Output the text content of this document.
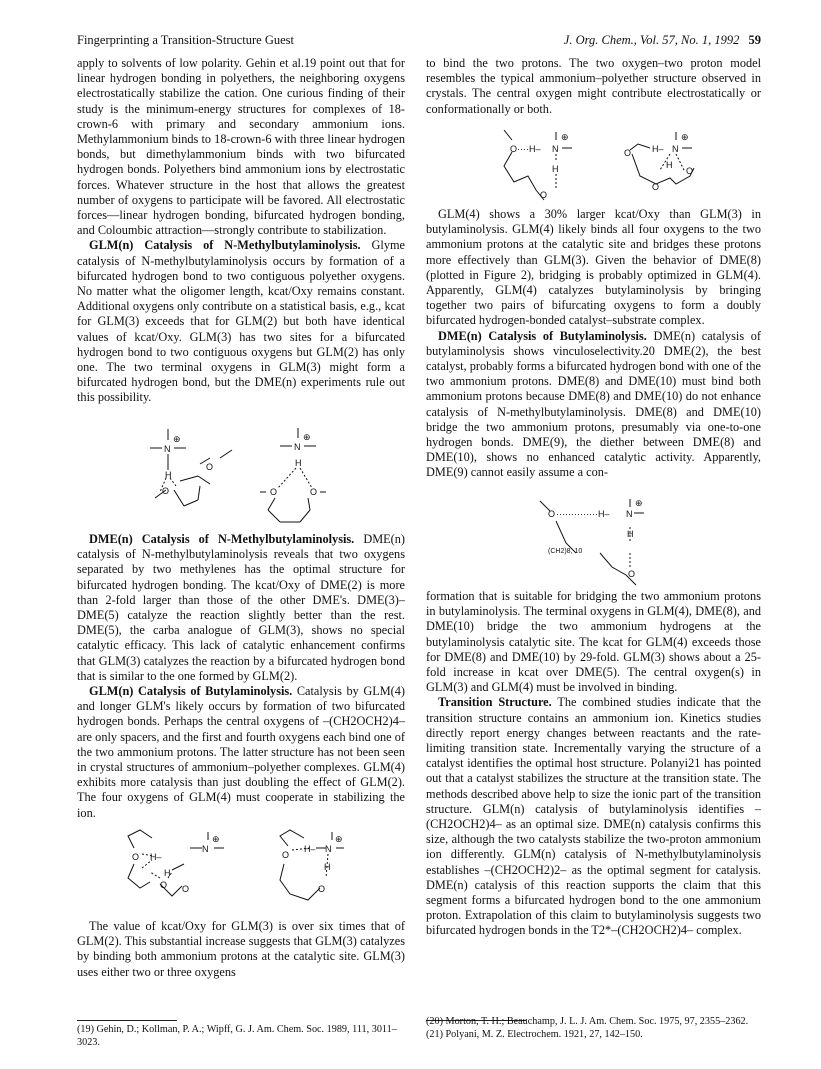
Fingerprinting a Transition-Structure Guest	J. Org. Chem., Vol. 57, No. 1, 1992 59

apply to solvents of low polarity. Gehin et al.19 point out that for linear hydrogen bonding in polyethers, the neighboring oxygens electrostatically stabilize the cation. One curious finding of their study is the minimum-energy structures for complexes of 18-crown-6 with primary and secondary ammonium ions. Methylammonium binds to 18-crown-6 with three linear hydrogen bonds, but dimethylammonium binds with two bifurcated hydrogen bonds. Polyethers bind ammonium ions by electrostatic forces. Whatever structure in the host that allows the greatest number of oxygens to participate will be favored. All electrostatic forces—linear hydrogen bonding, bifurcated hydrogen bonding, and Coloumbic attraction—strongly contribute to stabilization.

GLM(n) Catalysis of N-Methylbutylaminolysis. Glyme catalysis of N-methylbutylaminolysis occurs by formation of a bifurcated hydrogen bond to two contiguous polyether oxygens. No matter what the oligomer length, kcat/Oxy remains constant. Additional oxygens only contribute on a statistical basis, e.g., kcat for GLM(3) exceeds that for GLM(2) but both have identical values of kcat/Oxy. GLM(3) has two sites for a bifurcated hydrogen bond to two contiguous oxygens but GLM(2) has only one. The two terminal oxygens in GLM(3) might form a bifurcated hydrogen bond, but the DME(n) experiments rule out this possibility.

N
⊕
H
O
O
N
⊕
H
O	O

DME(n) Catalysis of N-Methylbutylaminolysis. DME(n) catalysis of N-methylbutylaminolysis reveals that two oxygens separated by two methylenes has the optimal structure for bifurcated hydrogen bonding. The kcat/Oxy of DME(2) is more than 2-fold larger than those of the other DME's. DME(3)–DME(5) catalyze the reaction slightly better than the rest. DME(5), the carba analogue of GLM(3), shows no special catalytic efficacy. This lack of catalytic enhancement confirms that GLM(3) catalyzes the reaction by a bifurcated hydrogen bond that is similar to the one formed by GLM(2).

GLM(n) Catalysis of Butylaminolysis. Catalysis by GLM(4) and longer GLM's likely occurs by formation of two bifurcated hydrogen bonds. Perhaps the central oxygens of –(CH2OCH2)4– are only spacers, and the first and fourth oxygens each bind one of the two ammonium protons. The latter structure has not been seen in crystal structures of ammonium–polyether complexes. GLM(4) exhibits more catalysis than just doubling the effect of GLM(2). The four oxygens of GLM(4) must cooperate in stabilizing the ion.

O H–
N
⊕
O
H
O
O
H– N
⊕
H
O

The value of kcat/Oxy for GLM(3) is over six times that of GLM(2). This substantial increase suggests that GLM(3) catalyzes by binding both ammonium protons at the catalytic site. GLM(3) uses either two or three oxygens

to bind the two protons. The two oxygen–two proton model resembles the typical ammonium–polyether structure observed in crystals. The central oxygen might contribute electrostatically or conformationally or both.

O····H– N
⊕
H
O
H– N
⊕
O
H
O
O

GLM(4) shows a 30% larger kcat/Oxy than GLM(3) in butylaminolysis. GLM(4) likely binds all four oxygens to the two ammonium protons at the catalytic site and bridges these protons more effectively than GLM(3). Given the behavior of DME(8) (plotted in Figure 2), bridging is probably optimized in GLM(4). Apparently, GLM(4) catalyzes butylaminolysis by bringing together two pairs of bifurcating oxygens to form a doubly bifurcated hydrogen-bonded catalyst–substrate complex.

DME(n) Catalysis of Butylaminolysis. DME(n) catalysis of butylaminolysis shows vinculoselectivity.20 DME(2), the best catalyst, probably forms a bifurcated hydrogen bond with one of the two ammonium protons. DME(8) and DME(10) must bind both ammonium protons because DME(8) and DME(10) do not enhance catalysis of N-methylbutylaminolysis. DME(8) and DME(10) bridge the two ammonium protons, presumably via one-to-one hydrogen bonds. DME(9), the diether between DME(8) and DME(10), shows no enhanced catalytic activity. Apparently, DME(9) cannot easily assume a con-

O ··············H– N
⊕
H
(CH2)8, 10
O

formation that is suitable for bridging the two ammonium protons in butylaminolysis. The terminal oxygens in GLM(4), DME(8), and DME(10) bridge the two ammonium hydrogens at the butylaminolysis catalytic site. The kcat for GLM(4) exceeds those for DME(8) and DME(10) by 29-fold. GLM(3) shows about a 25-fold increase in kcat over DME(5). The central oxygen(s) in GLM(3) and GLM(4) must be involved in binding.

Transition Structure. The combined studies indicate that the transition structure contains an ammonium ion. Kinetics studies directly report energy changes between reactants and the rate-limiting transition state. Incrementally varying the structure of a catalyst identifies the optimal host structure. Polanyi21 has pointed out that a catalyst stabilizes the structure at the transition state. The methods described above help to size the ionic part of the transition structure. GLM(n) catalysis of butylaminolysis identifies –(CH2OCH2)4– as an optimal size. DME(n) catalysis confirms this size, although the two catalysts stabilize the two-proton ammonium ion differently. GLM(n) catalysis of N-methylbutylaminolysis establishes –(CH2OCH2)2– as the optimal segment for catalysis. DME(n) catalysis of this reaction supports the claim that this segment forms a bifurcated hydrogen bond to the one ammonium proton. Extrapolation of this claim to butylaminolysis suggests two bifurcated hydrogen bonds in the T2*–(CH2OCH2)4– complex.

(19) Gehin, D.; Kollman, P. A.; Wipff, G. J. Am. Chem. Soc. 1989, 111, 3011–3023.

(20) Morton, T. H.; Beauchamp, J. L. J. Am. Chem. Soc. 1975, 97, 2355–2362.

(21) Polyani, M. Z. Electrochem. 1921, 27, 142–150.
